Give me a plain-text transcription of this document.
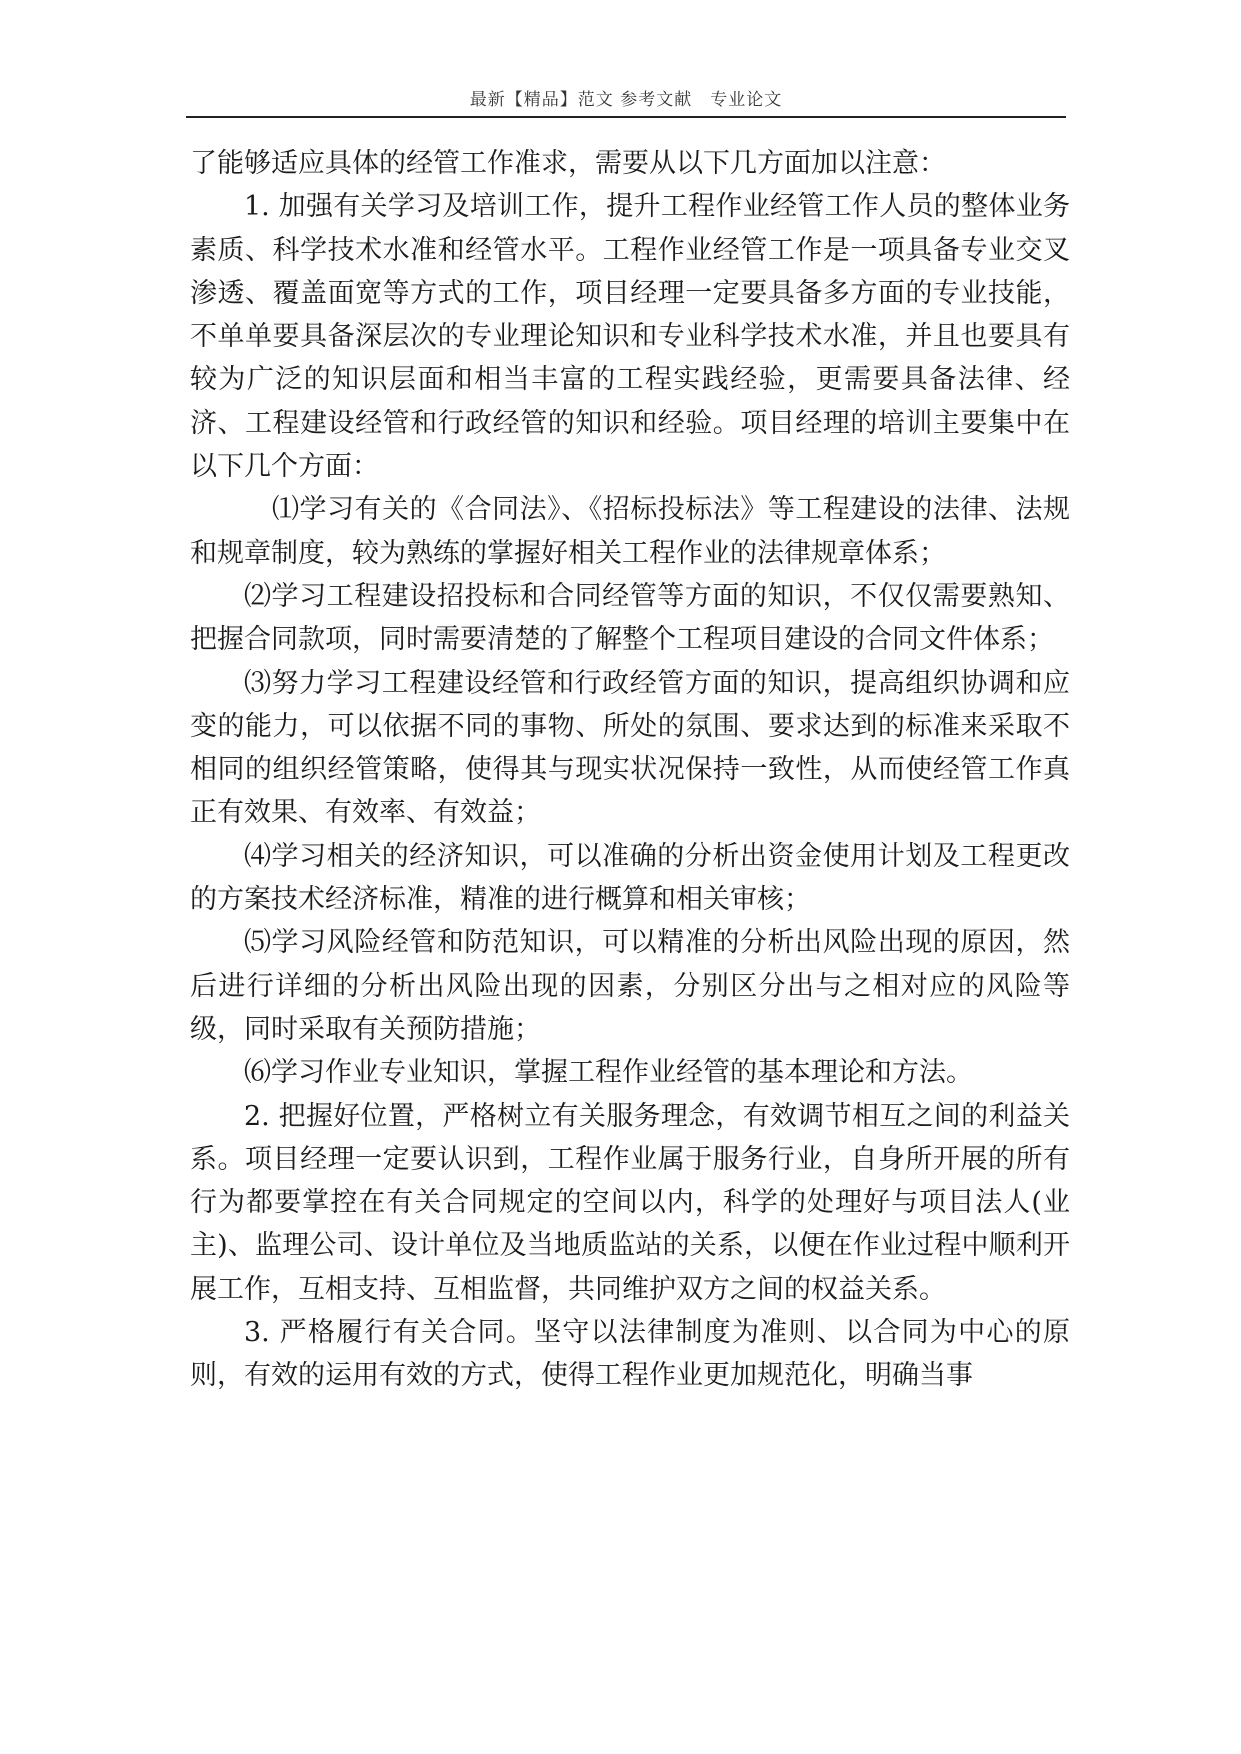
最新【精品】范文 参考文献　专业论文

了能够适应具体的经管工作准求，需要从以下几方面加以注意：

1. 加强有关学习及培训工作，提升工程作业经管工作人员的整体业务素质、科学技术水准和经管水平。工程作业经管工作是一项具备专业交叉渗透、覆盖面宽等方式的工作，项目经理一定要具备多方面的专业技能，不单单要具备深层次的专业理论知识和专业科学技术水准，并且也要具有较为广泛的知识层面和相当丰富的工程实践经验，更需要具备法律、经济、工程建设经管和行政经管的知识和经验。项目经理的培训主要集中在以下几个方面：

⑴学习有关的《合同法》、《招标投标法》等工程建设的法律、法规和规章制度，较为熟练的掌握好相关工程作业的法律规章体系；

⑵学习工程建设招投标和合同经管等方面的知识，不仅仅需要熟知、把握合同款项，同时需要清楚的了解整个工程项目建设的合同文件体系；

⑶努力学习工程建设经管和行政经管方面的知识，提高组织协调和应变的能力，可以依据不同的事物、所处的氛围、要求达到的标准来采取不相同的组织经管策略，使得其与现实状况保持一致性，从而使经管工作真正有效果、有效率、有效益；

⑷学习相关的经济知识，可以准确的分析出资金使用计划及工程更改的方案技术经济标准，精准的进行概算和相关审核；

⑸学习风险经管和防范知识，可以精准的分析出风险出现的原因，然后进行详细的分析出风险出现的因素，分别区分出与之相对应的风险等级，同时采取有关预防措施；

⑹学习作业专业知识，掌握工程作业经管的基本理论和方法。

2. 把握好位置，严格树立有关服务理念，有效调节相互之间的利益关系。项目经理一定要认识到，工程作业属于服务行业，自身所开展的所有行为都要掌控在有关合同规定的空间以内，科学的处理好与项目法人(业主)、监理公司、设计单位及当地质监站的关系，以便在作业过程中顺利开展工作，互相支持、互相监督，共同维护双方之间的权益关系。

3. 严格履行有关合同。坚守以法律制度为准则、以合同为中心的原则，有效的运用有效的方式，使得工程作业更加规范化，明确当事
